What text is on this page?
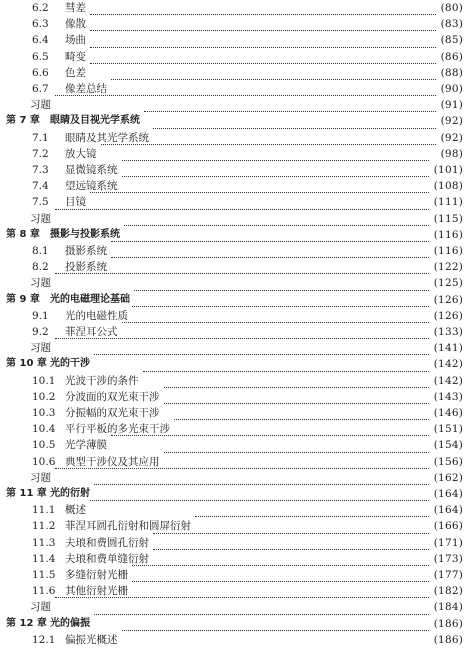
6.2 彗差	(80)
6.3 像散	(83)
6.4 场曲	(85)
6.5 畸变	(86)
6.6 色差	(88)
6.7 像差总结	(90)
习题	(91)
第 7 章 眼睛及目视光学系统	(92)
7.1 眼睛及其光学系统	(92)
7.2 放大镜	(98)
7.3 显微镜系统	(101)
7.4 望远镜系统	(108)
7.5 目镜	(111)
习题	(115)
第 8 章 摄影与投影系统	(116)
8.1 摄影系统	(116)
8.2 投影系统	(122)
习题	(125)
第 9 章 光的电磁理论基础	(126)
9.1 光的电磁性质	(126)
9.2 菲涅耳公式	(133)
习题	(141)
第 10 章 光的干涉	(142)
10.1 光波干涉的条件	(142)
10.2 分波面的双光束干涉	(143)
10.3 分振幅的双光束干涉	(146)
10.4 平行平板的多光束干涉	(151)
10.5 光学薄膜	(154)
10.6 典型干涉仪及其应用	(156)
习题	(162)
第 11 章 光的衍射	(164)
11.1 概述	(164)
11.2 菲涅耳圆孔衍射和圆屏衍射	(166)
11.3 夫琅和费圆孔衍射	(171)
11.4 夫琅和费单缝衍射	(173)
11.5 多缝衍射光栅	(177)
11.6 其他衍射光栅	(182)
习题	(184)
第 12 章 光的偏振	(186)
12.1 偏振光概述	(186)
